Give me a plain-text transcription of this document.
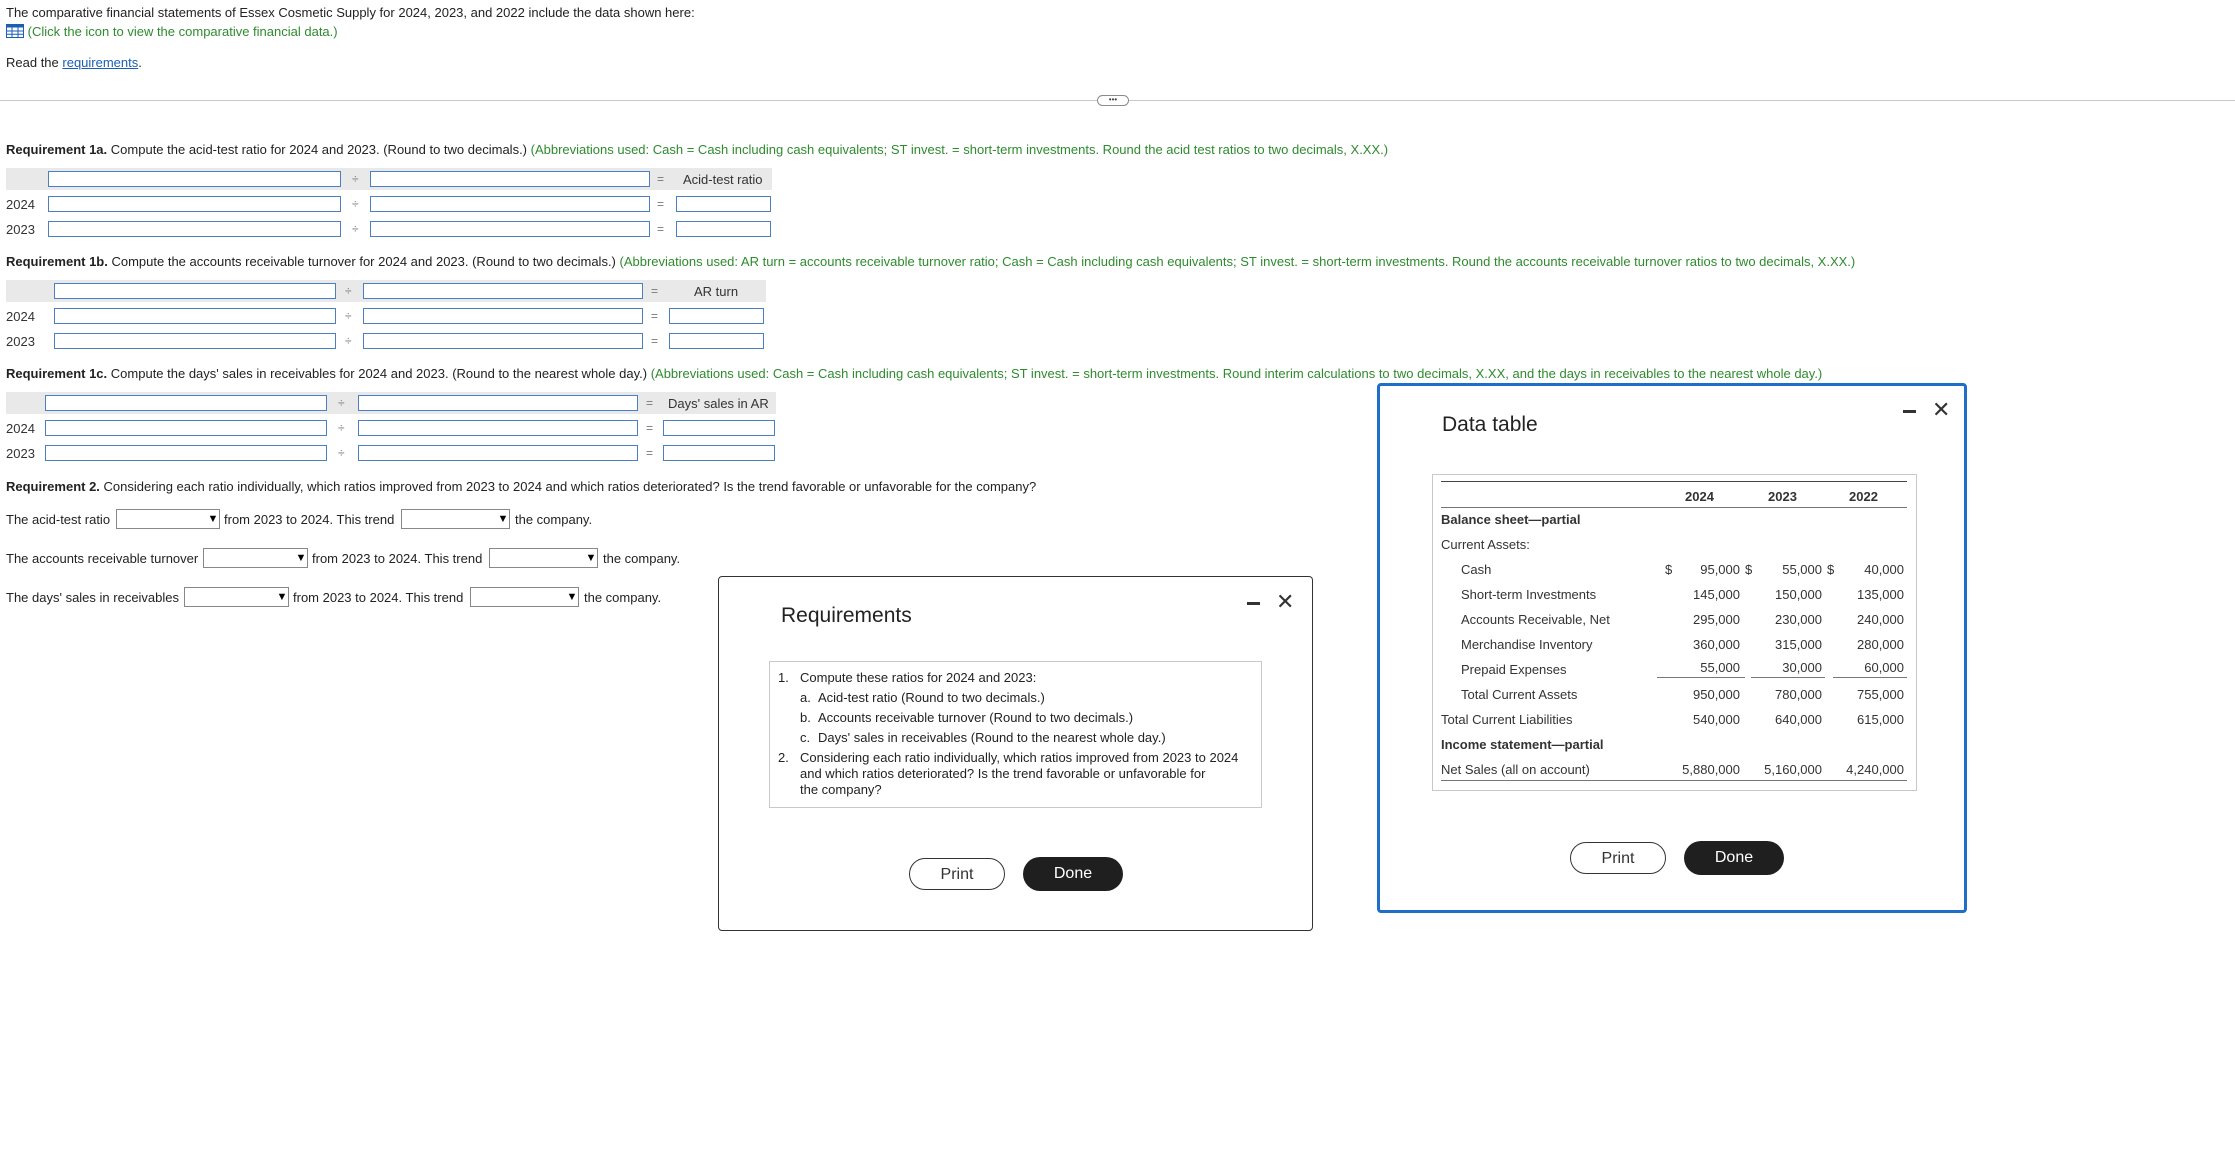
The comparative financial statements of Essex Cosmetic Supply for 2024, 2023, and 2022 include the data shown here:
(Click the icon to view the comparative financial data.)
Read the requirements.
•••
Requirement 1a. Compute the acid-test ratio for 2024 and 2023. (Round to two decimals.) (Abbreviations used: Cash = Cash including cash equivalents; ST invest. = short-term investments. Round the acid test ratios to two decimals, X.XX.)
÷	= Acid-test ratio
2024	÷	=
2023	÷	=
Requirement 1b. Compute the accounts receivable turnover for 2024 and 2023. (Round to two decimals.) (Abbreviations used: AR turn = accounts receivable turnover ratio; Cash = Cash including cash equivalents; ST invest. = short-term investments. Round the accounts receivable turnover ratios to two decimals, X.XX.)
÷	=	AR turn
2024	÷	=
2023	÷	=
Requirement 1c. Compute the days' sales in receivables for 2024 and 2023. (Round to the nearest whole day.) (Abbreviations used: Cash = Cash including cash equivalents; ST invest. = short-term investments. Round interim calculations to two decimals, X.XX, and the days in receivables to the nearest whole day.)
÷	= Days' sales in AR
2024	÷	=
2023	÷	=
Requirement 2. Considering each ratio individually, which ratios improved from 2023 to 2024 and which ratios deteriorated? Is the trend favorable or unfavorable for the company?
The acid-test ratio	▼ from 2023 to 2024. This trend	▼ the company.
The accounts receivable turnover	▼ from 2023 to 2024. This trend	▼ the company.
The days' sales in receivables	▼ from 2023 to 2024. This trend	▼ the company.
Requirements
✕
1. Compute these ratios for 2024 and 2023:
a. Acid-test ratio (Round to two decimals.)
b. Accounts receivable turnover (Round to two decimals.)
c. Days' sales in receivables (Round to the nearest whole day.)
2. Considering each ratio individually, which ratios improved from 2023 to 2024
and which ratios deteriorated? Is the trend favorable or unfavorable for
the company?
Print	Done
Data table
✕
2024	2023	2022
Balance sheet—partial
Current Assets:
Cash	$ 95,000 $ 55,000 $ 40,000
Short-term Investments	145,000	150,000	135,000
Accounts Receivable, Net	295,000	230,000	240,000
Merchandise Inventory	360,000	315,000	280,000
Prepaid Expenses	55,000	30,000	60,000
Total Current Assets	950,000	780,000	755,000
Total Current Liabilities	540,000	640,000	615,000
Income statement—partial
Net Sales (all on account)	5,880,000 5,160,000 4,240,000
Print	Done
